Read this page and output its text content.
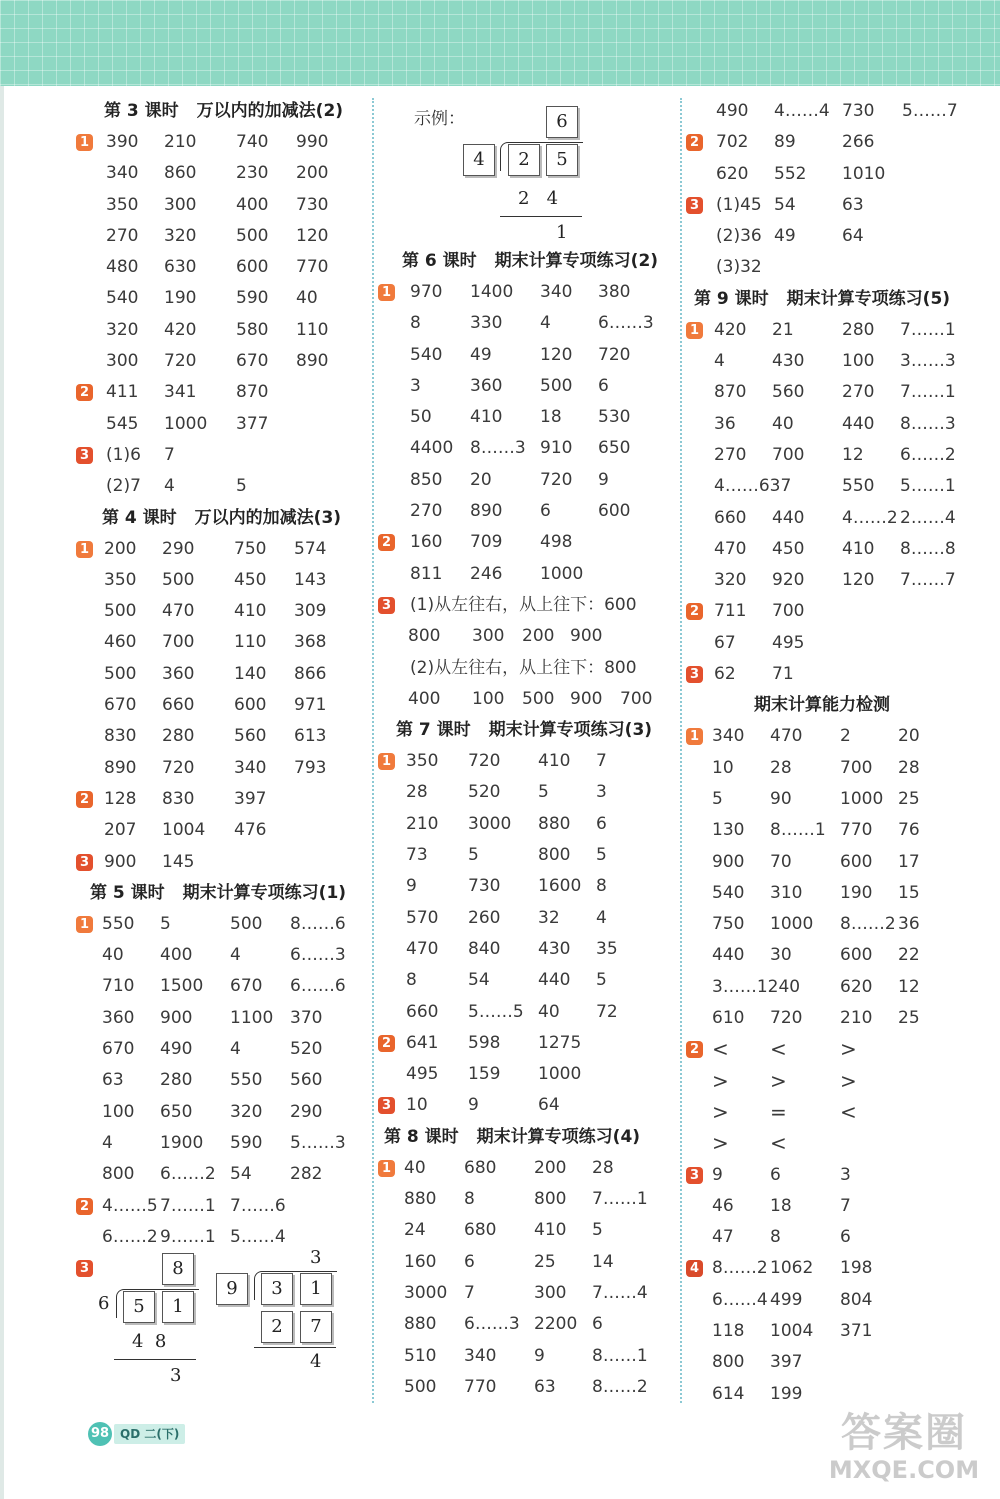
第 3 课时 万以内的加减法(2)
1 390 210 740 990
340 860 230 200
350 300 400 730
270 320 500 120
480 630 600 770
540 190 590 40
320 420 580 110
300 720 670 890
2 411 341 870
545 1000 377
3 (1)6 7
(2)7 4	5
第 4 课时 万以内的加减法(3)
1 200 290 750 574
350 500 450 143
500 470 410 309
460 700 110 368
500 360 140 866
670 660 600 971
830 280 560 613
890 720 340 793
2 128 830 397
207 1004 476
3 900 145
第 5 课时 期末计算专项练习(1)
1 550 5	500 8……6
40 400 4	6……3
710 1500 670 6……6
360 900 1100 370
670 490 4	520
63 280 550 560
100 650 320 290
4	1900 590 5……3
800 6……2 54 282
2 4……5 7……1 7……6
6……2 9……1 5……4
3	8
6	5	1
4  8
3
3
9	3	1
2	7
4
示例：	6
4	2	5
2   4
1
第 6 课时 期末计算专项练习(2)
1 970 1400 340 380
8	330 4	6……3
540 49	120 720
3	360 500 6
50 410 18 530
4400 8……3 910 650
850 20	720 9
270 890 6	600
2 160 709 498
811 246 1000
3 (1)从左往右，从上往下：600
800 300 200 900
(2)从左往右，从上往下：800
400 100 500 900 700
第 7 课时 期末计算专项练习(3)
1 350 720 410 7
28 520 5	3
210 3000 880 6
73 5	800 5
9	730 1600 8
570 260 32 4
470 840 430 35
8	54	440 5
660 5……5 40 72
2 641 598 1275
495 159 1000
3 10 9	64
第 8 课时 期末计算专项练习(4)
1 40 680 200 28
880 8	800 7……1
24 680 410 5
160 6	25 14
3000 7	300 7……4
880 6……3 2200 6
510 340 9	8……1
500 770 63 8……2
490 4……4 730 5……7
2 702 89	266
620 552 1010
3 (1)45 54	63
(2)36 49	64
(3)32
第 9 课时 期末计算专项练习(5)
1 420 21	280 7……1
4	430 100 3……3
870 560 270 7……1
36 40	440 8……3
270 700 12 6……2
4……637	550 5……1
660 440 4……2 2……4
470 450 410 8……8
320 920 120 7……7
2 711 700
67 495
3 62 71
期末计算能力检测
1 340 470 2	20
10 28	700 28
5	90	1000 25
130 8……1 770 76
900 70	600 17
540 310 190 15
750 1000 8……2 36
440 30	600 22
3……1240 620 12
610 720 210 25
2 < <	>
> >	>
> =	<
> <
3 9	6	3
46 18	7
47 8	6
4 8……2 1062 198
6……4 499 804
118 1004 371
800 397
614 199
98 QD 二(下)	答案圈
MXQE.COM
